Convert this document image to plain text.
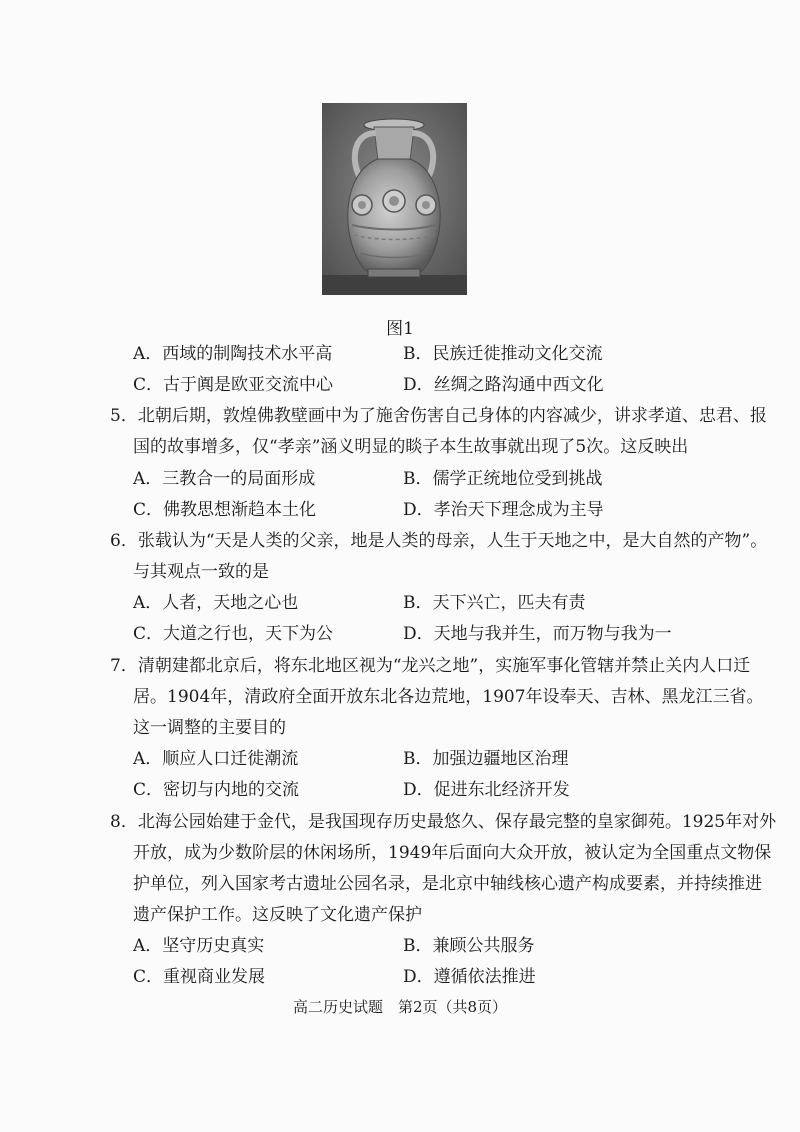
图1
A．西域的制陶技术水平高	B．民族迁徙推动文化交流
C．古于阗是欧亚交流中心	D．丝绸之路沟通中西文化
5．北朝后期，敦煌佛教壁画中为了施舍伤害自己身体的内容减少，讲求孝道、忠君、报
国的故事增多，仅“孝亲”涵义明显的睒子本生故事就出现了5次。这反映出
A．三教合一的局面形成	B．儒学正统地位受到挑战
C．佛教思想渐趋本土化	D．孝治天下理念成为主导
6．张载认为“天是人类的父亲，地是人类的母亲，人生于天地之中，是大自然的产物”。
与其观点一致的是
A．人者，天地之心也	B．天下兴亡，匹夫有责
C．大道之行也，天下为公	D．天地与我并生，而万物与我为一
7．清朝建都北京后，将东北地区视为“龙兴之地”，实施军事化管辖并禁止关内人口迁
居。1904年，清政府全面开放东北各边荒地，1907年设奉天、吉林、黑龙江三省。
这一调整的主要目的
A．顺应人口迁徙潮流	B．加强边疆地区治理
C．密切与内地的交流	D．促进东北经济开发
8．北海公园始建于金代，是我国现存历史最悠久、保存最完整的皇家御苑。1925年对外
开放，成为少数阶层的休闲场所，1949年后面向大众开放，被认定为全国重点文物保
护单位，列入国家考古遗址公园名录，是北京中轴线核心遗产构成要素，并持续推进
遗产保护工作。这反映了文化遗产保护
A．坚守历史真实	B．兼顾公共服务
C．重视商业发展	D．遵循依法推进
高二历史试题　第2页（共8页）
